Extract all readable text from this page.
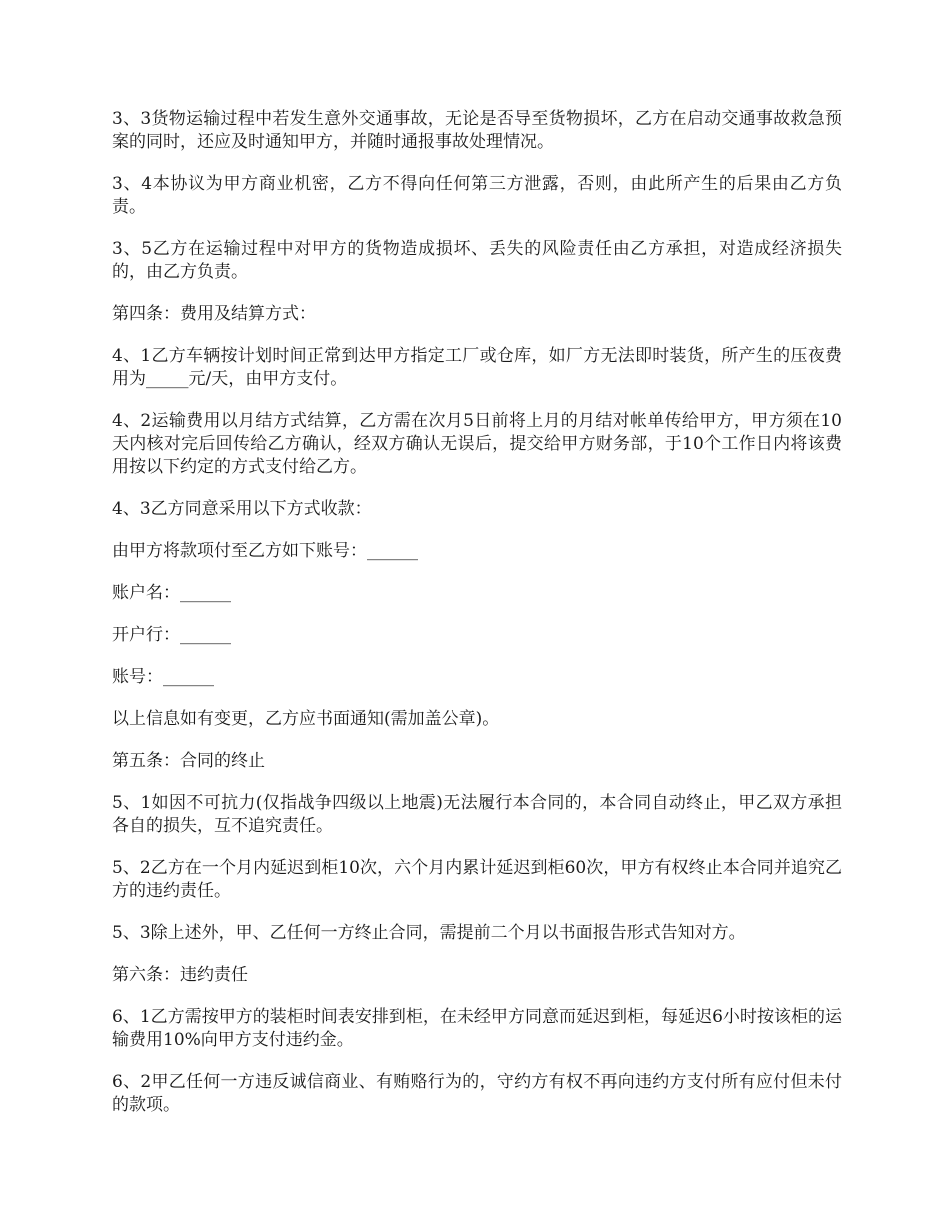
3、3货物运输过程中若发生意外交通事故，无论是否导至货物损坏，乙方在启动交通事故救急预案的同时，还应及时通知甲方，并随时通报事故处理情况。

3、4本协议为甲方商业机密，乙方不得向任何第三方泄露，否则，由此所产生的后果由乙方负责。

3、5乙方在运输过程中对甲方的货物造成损坏、丢失的风险责任由乙方承担，对造成经济损失的，由乙方负责。

第四条：费用及结算方式：

4、1乙方车辆按计划时间正常到达甲方指定工厂或仓库，如厂方无法即时装货，所产生的压夜费用为_____元/天，由甲方支付。

4、2运输费用以月结方式结算，乙方需在次月5日前将上月的月结对帐单传给甲方，甲方须在10天内核对完后回传给乙方确认，经双方确认无误后，提交给甲方财务部，于10个工作日内将该费用按以下约定的方式支付给乙方。

4、3乙方同意采用以下方式收款：

由甲方将款项付至乙方如下账号：______

账户名：______

开户行：______

账号：______

以上信息如有变更，乙方应书面通知(需加盖公章)。

第五条：合同的终止

5、1如因不可抗力(仅指战争四级以上地震)无法履行本合同的，本合同自动终止，甲乙双方承担各自的损失，互不追究责任。

5、2乙方在一个月内延迟到柜10次，六个月内累计延迟到柜60次，甲方有权终止本合同并追究乙方的违约责任。

5、3除上述外，甲、乙任何一方终止合同，需提前二个月以书面报告形式告知对方。

第六条：违约责任

6、1乙方需按甲方的装柜时间表安排到柜，在未经甲方同意而延迟到柜，每延迟6小时按该柜的运输费用10%向甲方支付违约金。

6、2甲乙任何一方违反诚信商业、有贿赂行为的，守约方有权不再向违约方支付所有应付但未付的款项。
